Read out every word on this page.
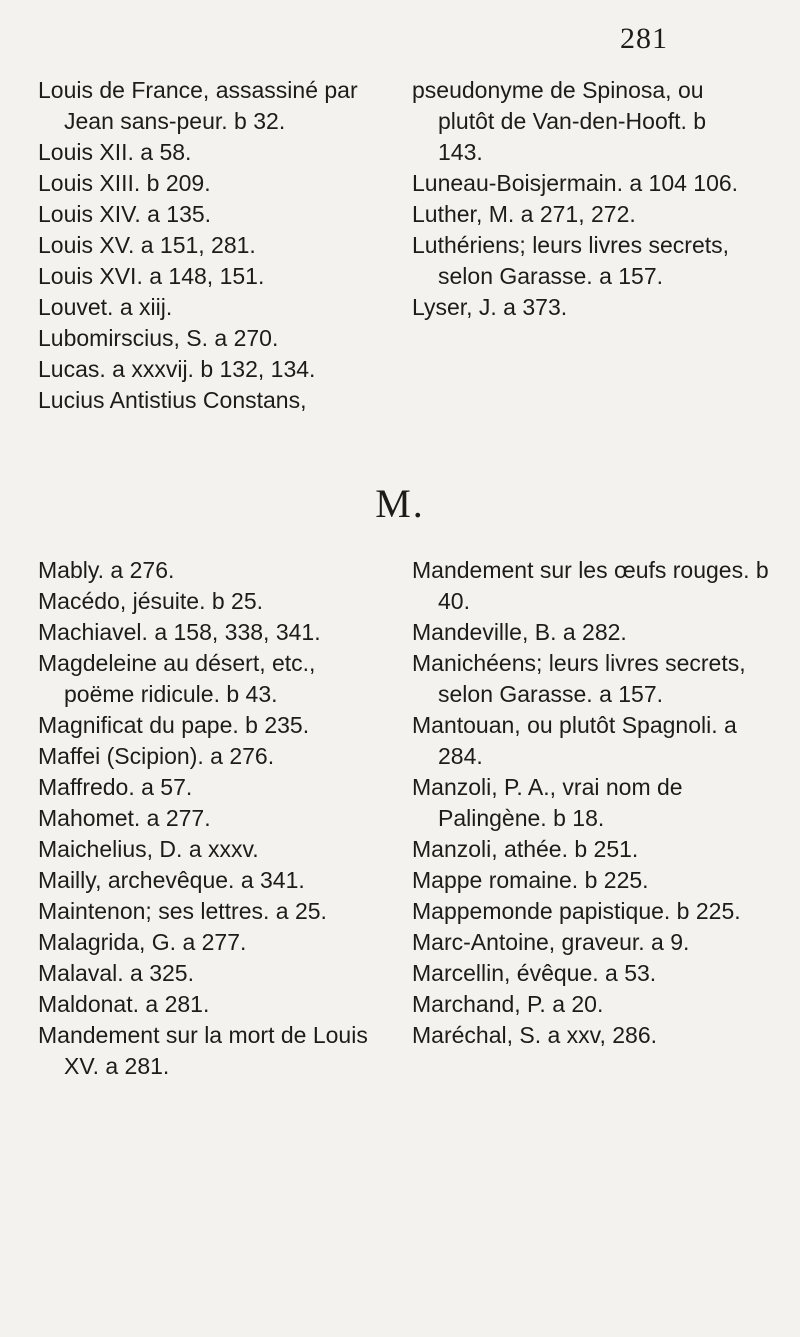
281

Louis de France, assassiné par Jean sans-peur. b 32.

Louis XII. a 58.

Louis XIII. b 209.

Louis XIV. a 135.

Louis XV. a 151, 281.

Louis XVI. a 148, 151.

Louvet. a xiij.

Lubomirscius, S. a 270.

Lucas. a xxxvij. b 132, 134.

Lucius Antistius Constans,

pseudonyme de Spinosa, ou plutôt de Van-den-Hooft. b 143.

Luneau-Boisjermain. a 104 106.

Luther, M. a 271, 272.

Luthériens; leurs livres secrets, selon Garasse. a 157.

Lyser, J. a 373.

M.

Mably. a 276.

Macédo, jésuite. b 25.

Machiavel. a 158, 338, 341.

Magdeleine au désert, etc., poëme ridicule. b 43.

Magnificat du pape. b 235.

Maffei (Scipion). a 276.

Maffredo. a 57.

Mahomet. a 277.

Maichelius, D. a xxxv.

Mailly, archevêque. a 341.

Maintenon; ses lettres. a 25.

Malagrida, G. a 277.

Malaval. a 325.

Maldonat. a 281.

Mandement sur la mort de Louis XV. a 281.

Mandement sur les œufs rouges. b 40.

Mandeville, B. a 282.

Manichéens; leurs livres secrets, selon Garasse. a 157.

Mantouan, ou plutôt Spagnoli. a 284.

Manzoli, P. A., vrai nom de Palingène. b 18.

Manzoli, athée. b 251.

Mappe romaine. b 225.

Mappemonde papistique. b 225.

Marc-Antoine, graveur. a 9.

Marcellin, évêque. a 53.

Marchand, P. a 20.

Maréchal, S. a xxv, 286.
